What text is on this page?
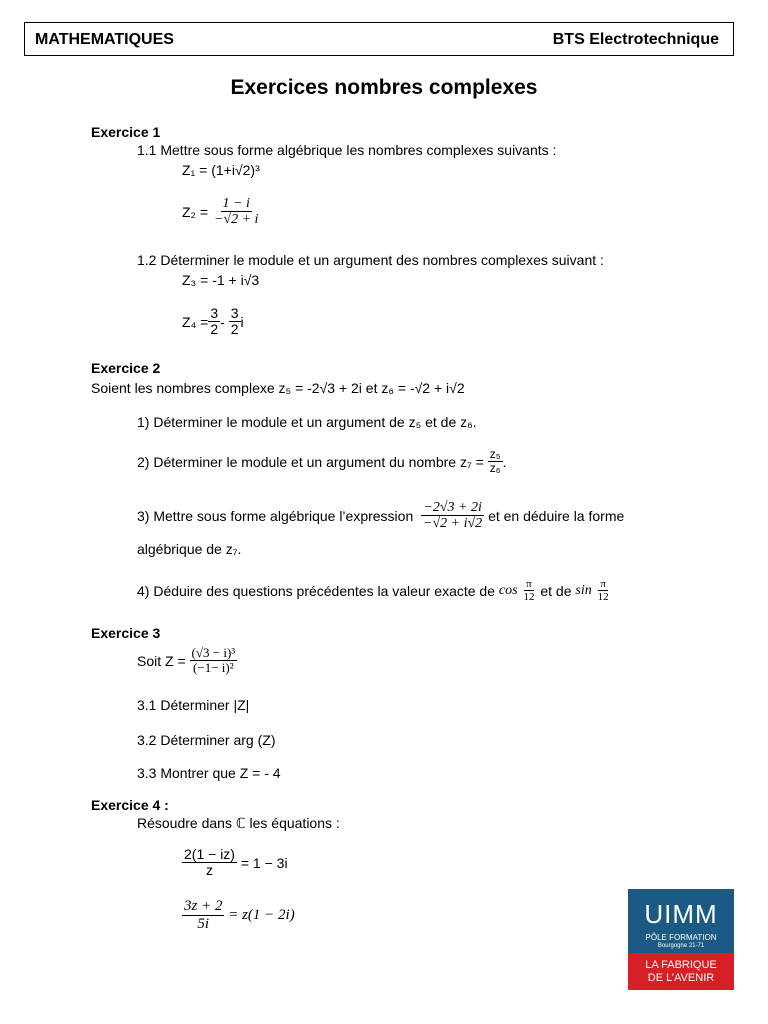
MATHEMATIQUES	BTS Electrotechnique
Exercices nombres complexes
Exercice 1
1.1 Mettre sous forme algébrique les nombres complexes suivants :
Z₁ = (1+i√2)³
Z₂ =
$\frac{1 - i}{-√2 + i}$
1.2 Déterminer le module et un argument des nombres complexes suivant :
Z₃ = -1 + i√3
$Z_4 = \frac{3}{2}$ -
$\frac{3}{2}$ i
Exercice 2
Soient les nombres complexe z₅ = -2√3 + 2i et z₆ = -√2 + i√2
1) Déterminer le module et un argument de z₅ et de z₆.
2) Déterminer le module et un argument du nombre z₇ =
$\frac{\text{z₅}}{\text{z₆}}$ .
3) Mettre sous forme algébrique l’expression
$\frac{-2√3 + 2i}{-√2 + i√2}$
et en déduire la forme
algébrique de z₇.
4) Déduire des questions précédentes la valeur exacte de
cos
$\frac{\pi}{12}$
et de
sin
$\frac{\pi}{12}$
Exercice 3
Soit Z =
$\frac{\text{(√3 − i)³}}{\text{(−1− i)²}}$
3.1 Déterminer |Z|
3.2 Déterminer arg (Z)
3.3 Montrer que Z = - 4
Exercice 4 :
Résoudre dans ℂ les équations :
$\frac{2(1 - iz)}{z}$
= 1 − 3i
$\frac{3z + 2}{5i}$
= z(1 − 2i)	UIMM
PÔLE FORMATION
Bourgogne 21-71
LA FABRIQUE
DE L’AVENIR
